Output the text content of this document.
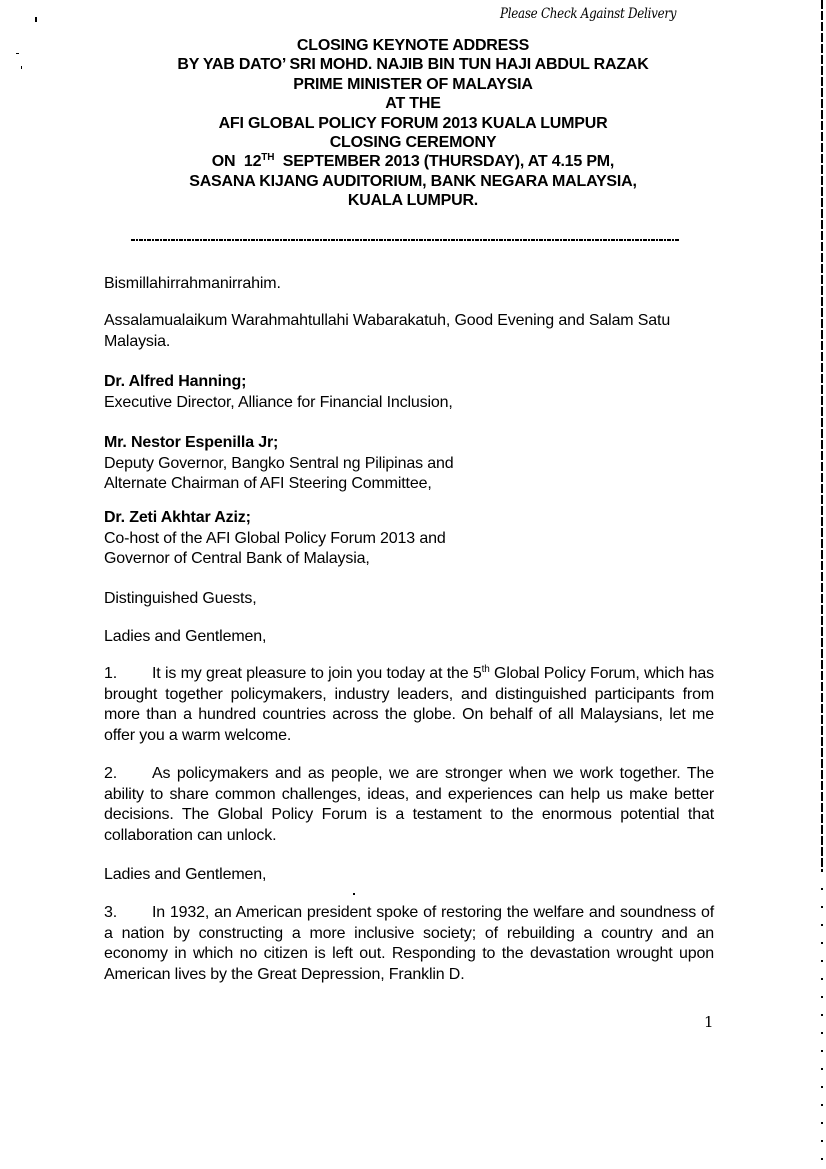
Please Check Against Delivery
CLOSING KEYNOTE ADDRESS
BY YAB DATO’ SRI MOHD. NAJIB BIN TUN HAJI ABDUL RAZAK
PRIME MINISTER OF MALAYSIA
AT THE
AFI GLOBAL POLICY FORUM 2013 KUALA LUMPUR
CLOSING CEREMONY
ON  12TH  SEPTEMBER 2013 (THURSDAY), AT 4.15 PM,
SASANA KIJANG AUDITORIUM, BANK NEGARA MALAYSIA,
KUALA LUMPUR.
Bismillahirrahmanirrahim.
Assalamualaikum Warahmahtullahi Wabarakatuh, Good Evening and Salam Satu Malaysia.
Dr. Alfred Hanning;
Executive Director, Alliance for Financial Inclusion,
Mr. Nestor Espenilla Jr;
Deputy Governor, Bangko Sentral ng Pilipinas and
Alternate Chairman of AFI Steering Committee,
Dr. Zeti Akhtar Aziz;
Co-host of the AFI Global Policy Forum 2013 and
Governor of Central Bank of Malaysia,
Distinguished Guests,
Ladies and Gentlemen,
1. It is my great pleasure to join you today at the 5th Global Policy Forum, which has brought together policymakers, industry leaders, and distinguished participants from more than a hundred countries across the globe. On behalf of all Malaysians, let me offer you a warm welcome.
2. As policymakers and as people, we are stronger when we work together. The ability to share common challenges, ideas, and experiences can help us make better decisions. The Global Policy Forum is a testament to the enormous potential that collaboration can unlock.
Ladies and Gentlemen,
3. In 1932, an American president spoke of restoring the welfare and soundness of a nation by constructing a more inclusive society; of rebuilding a country and an economy in which no citizen is left out. Responding to the devastation wrought upon American lives by the Great Depression, Franklin D.
1
